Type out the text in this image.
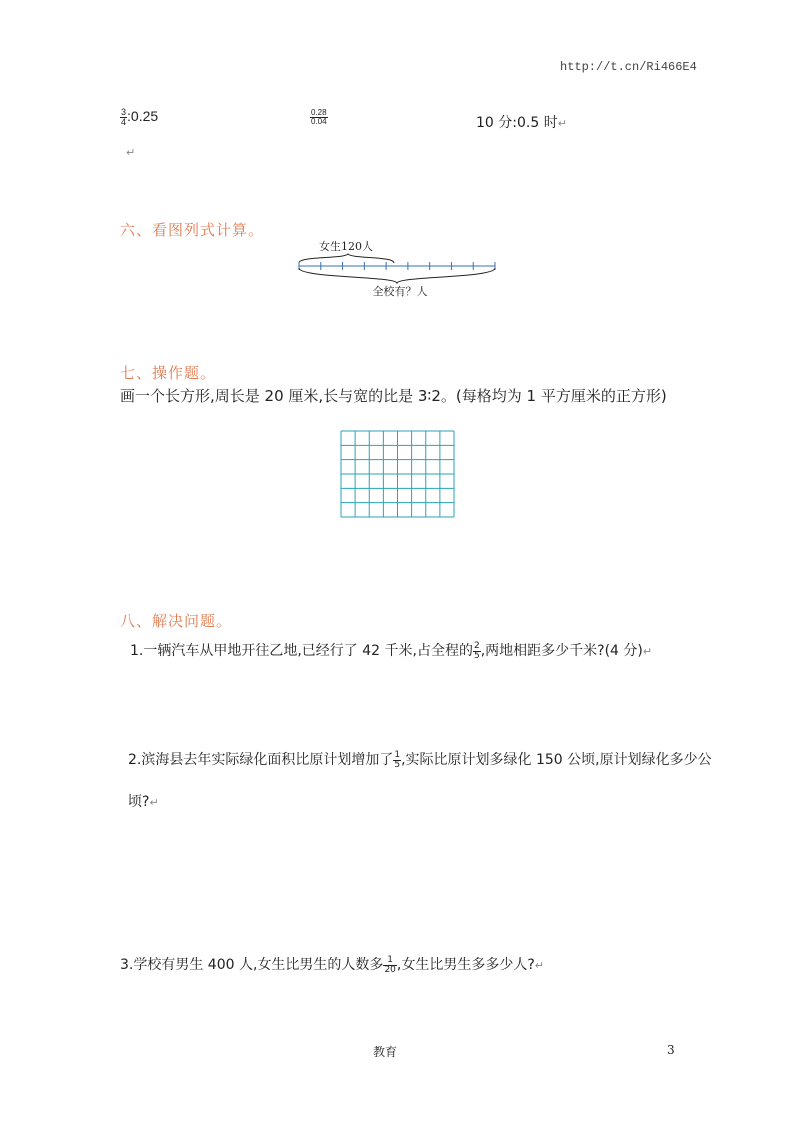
http://t.cn/Ri466E4
$\frac{3}{4}$ :0.25	$\frac{0.28}{0.04}$	10 分:0.5 时↵
↵
六、看图列式计算。
女生120人
全校有？人
七、操作题。
画一个长方形,周长是 20 厘米,长与宽的比是 3∶2。(每格均为 1 平方厘米的正方形)
八、解决问题。
1.一辆汽车从甲地开往乙地,已经行了 42 千米,占全程的 $\frac{2}{5}$ ,两地相距多少千米?(4 分)↵
2.滨海县去年实际绿化面积比原计划增加了 $\frac{1}{5}$ ,实际比原计划多绿化 150 公顷,原计划绿化多少公
顷?↵
3.学校有男生 400 人,女生比男生的人数多 $\frac{1}{20}$ ,女生比男生多多少人?↵
教育	3
